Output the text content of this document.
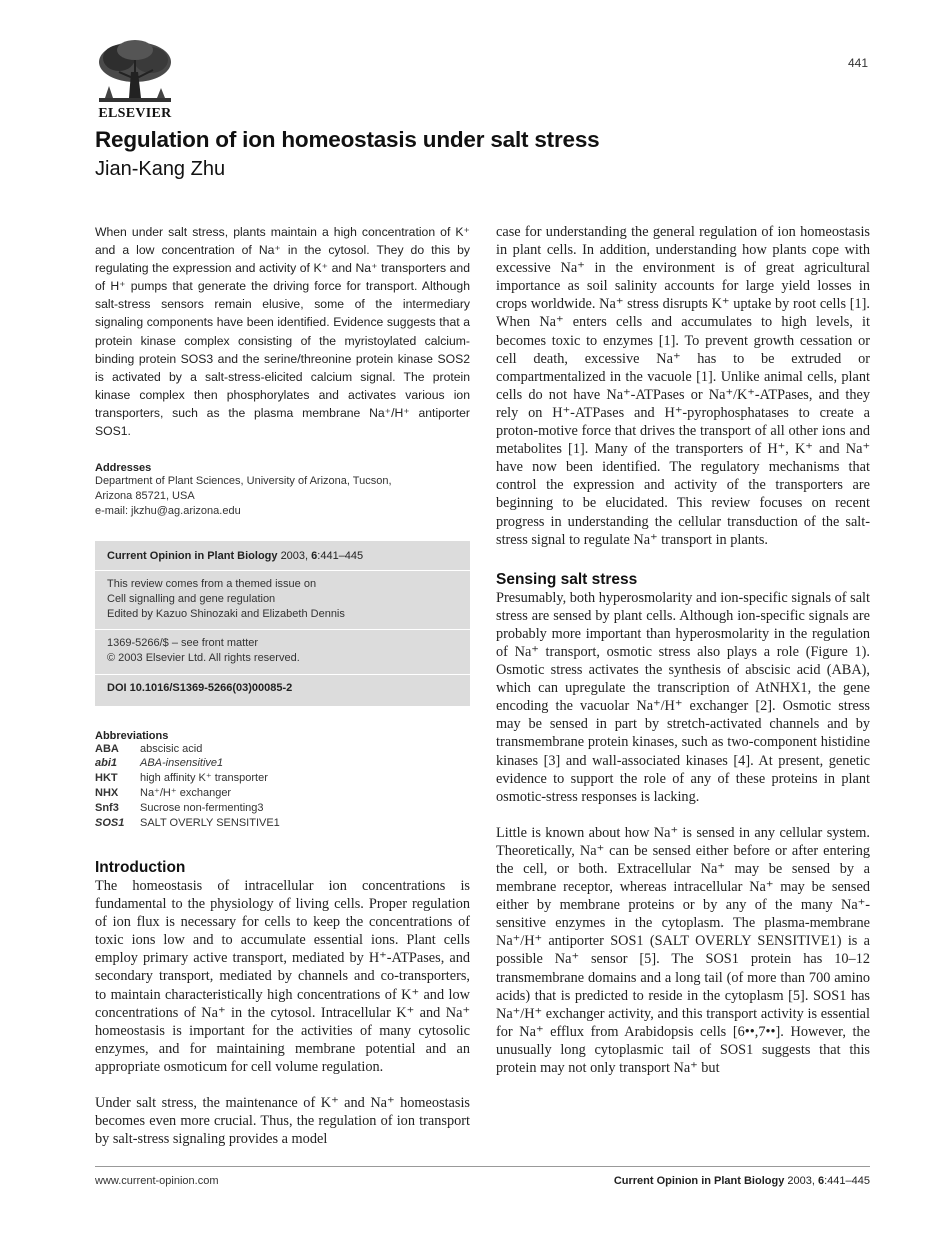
ELSEVIER
441
Regulation of ion homeostasis under salt stress
Jian-Kang Zhu

When under salt stress, plants maintain a high concentration of K⁺ and a low concentration of Na⁺ in the cytosol. They do this by regulating the expression and activity of K⁺ and Na⁺ transporters and of H⁺ pumps that generate the driving force for transport. Although salt-stress sensors remain elusive, some of the intermediary signaling components have been identified. Evidence suggests that a protein kinase complex consisting of the myristoylated calcium-binding protein SOS3 and the serine/threonine protein kinase SOS2 is activated by a salt-stress-elicited calcium signal. The protein kinase complex then phosphorylates and activates various ion transporters, such as the plasma membrane Na⁺/H⁺ antiporter SOS1.

Addresses
Department of Plant Sciences, University of Arizona, Tucson,
Arizona 85721, USA
e-mail: jkzhu@ag.arizona.edu
Current Opinion in Plant Biology 2003, 6:441–445
This review comes from a themed issue on
Cell signalling and gene regulation
Edited by Kazuo Shinozaki and Elizabeth Dennis
1369-5266/$ – see front matter
© 2003 Elsevier Ltd. All rights reserved.
DOI 10.1016/S1369-5266(03)00085-2
Abbreviations
ABA	abscisic acid
abi1	ABA-insensitive1
HKT	high affinity K⁺ transporter
NHX	Na⁺/H⁺ exchanger
Snf3	Sucrose non-fermenting3
SOS1	SALT OVERLY SENSITIVE1
Introduction

The homeostasis of intracellular ion concentrations is fundamental to the physiology of living cells. Proper regulation of ion flux is necessary for cells to keep the concentrations of toxic ions low and to accumulate essential ions. Plant cells employ primary active transport, mediated by H⁺-ATPases, and secondary transport, mediated by channels and co-transporters, to maintain characteristically high concentrations of K⁺ and low concentrations of Na⁺ in the cytosol. Intracellular K⁺ and Na⁺ homeostasis is important for the activities of many cytosolic enzymes, and for maintaining membrane potential and an appropriate osmoticum for cell volume regulation.

Under salt stress, the maintenance of K⁺ and Na⁺ homeostasis becomes even more crucial. Thus, the regulation of ion transport by salt-stress signaling provides a model

case for understanding the general regulation of ion homeostasis in plant cells. In addition, understanding how plants cope with excessive Na⁺ in the environment is of great agricultural importance as soil salinity accounts for large yield losses in crops worldwide. Na⁺ stress disrupts K⁺ uptake by root cells [1]. When Na⁺ enters cells and accumulates to high levels, it becomes toxic to enzymes [1]. To prevent growth cessation or cell death, excessive Na⁺ has to be extruded or compartmentalized in the vacuole [1]. Unlike animal cells, plant cells do not have Na⁺-ATPases or Na⁺/K⁺-ATPases, and they rely on H⁺-ATPases and H⁺-pyrophosphatases to create a proton-motive force that drives the transport of all other ions and metabolites [1]. Many of the transporters of H⁺, K⁺ and Na⁺ have now been identified. The regulatory mechanisms that control the expression and activity of the transporters are beginning to be elucidated. This review focuses on recent progress in understanding the cellular transduction of the salt-stress signal to regulate Na⁺ transport in plants.

Sensing salt stress

Presumably, both hyperosmolarity and ion-specific signals of salt stress are sensed by plant cells. Although ion-specific signals are probably more important than hyperosmolarity in the regulation of Na⁺ transport, osmotic stress also plays a role (Figure 1). Osmotic stress activates the synthesis of abscisic acid (ABA), which can upregulate the transcription of AtNHX1, the gene encoding the vacuolar Na⁺/H⁺ exchanger [2]. Osmotic stress may be sensed in part by stretch-activated channels and by transmembrane protein kinases, such as two-component histidine kinases [3] and wall-associated kinases [4]. At present, genetic evidence to support the role of any of these proteins in plant osmotic-stress responses is lacking.

Little is known about how Na⁺ is sensed in any cellular system. Theoretically, Na⁺ can be sensed either before or after entering the cell, or both. Extracellular Na⁺ may be sensed by a membrane receptor, whereas intracellular Na⁺ may be sensed either by membrane proteins or by any of the many Na⁺-sensitive enzymes in the cytoplasm. The plasma-membrane Na⁺/H⁺ antiporter SOS1 (SALT OVERLY SENSITIVE1) is a possible Na⁺ sensor [5]. The SOS1 protein has 10–12 transmembrane domains and a long tail (of more than 700 amino acids) that is predicted to reside in the cytoplasm [5]. SOS1 has Na⁺/H⁺ exchanger activity, and this transport activity is essential for Na⁺ efflux from Arabidopsis cells [6••,7••]. However, the unusually long cytoplasmic tail of SOS1 suggests that this protein may not only transport Na⁺ but

www.current-opinion.com	Current Opinion in Plant Biology 2003, 6:441–445
